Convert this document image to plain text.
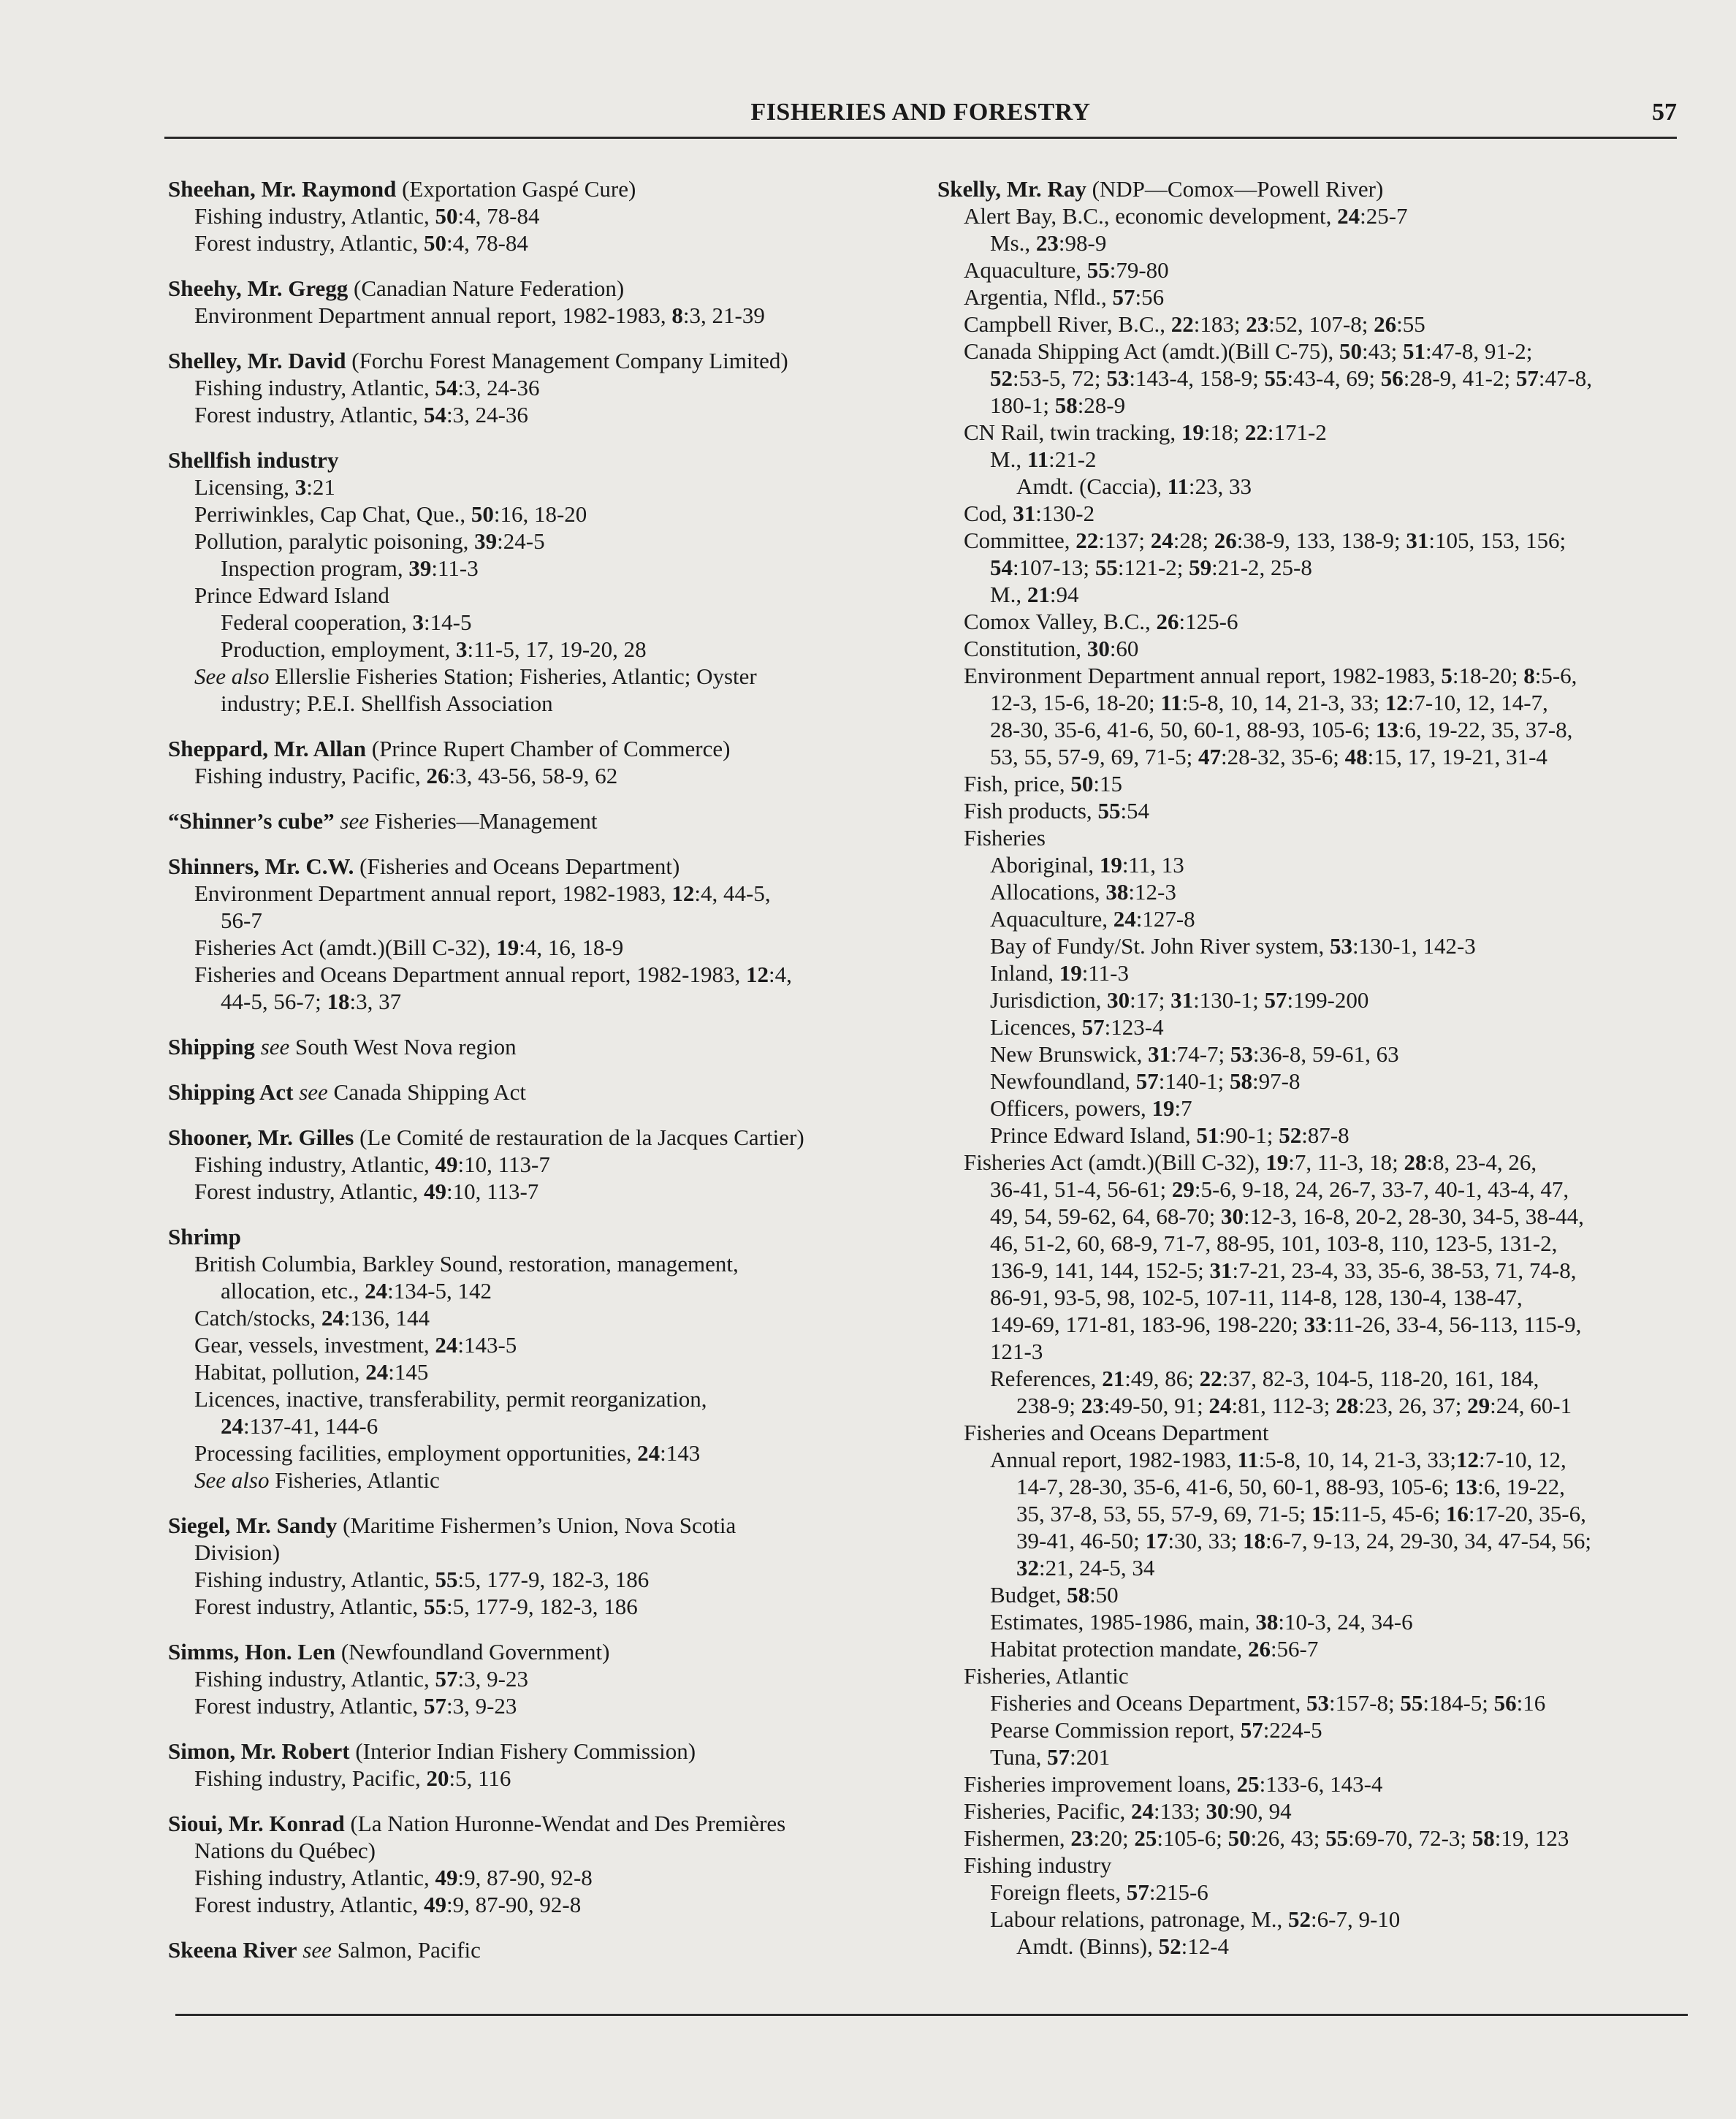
FISHERIES AND FORESTRY	57
Sheehan, Mr. Raymond (Exportation Gaspé Cure)
Fishing industry, Atlantic, 50:4, 78-84
Forest industry, Atlantic, 50:4, 78-84
Sheehy, Mr. Gregg (Canadian Nature Federation)
Environment Department annual report, 1982-1983, 8:3, 21-39
Shelley, Mr. David (Forchu Forest Management Company Limited)
Fishing industry, Atlantic, 54:3, 24-36
Forest industry, Atlantic, 54:3, 24-36
Shellfish industry
Licensing, 3:21
Perriwinkles, Cap Chat, Que., 50:16, 18-20
Pollution, paralytic poisoning, 39:24-5
Inspection program, 39:11-3
Prince Edward Island
Federal cooperation, 3:14-5
Production, employment, 3:11-5, 17, 19-20, 28
See also Ellerslie Fisheries Station; Fisheries, Atlantic; Oyster
industry; P.E.I. Shellfish Association
Sheppard, Mr. Allan (Prince Rupert Chamber of Commerce)
Fishing industry, Pacific, 26:3, 43-56, 58-9, 62
“Shinner’s cube” see Fisheries—Management
Shinners, Mr. C.W. (Fisheries and Oceans Department)
Environment Department annual report, 1982-1983, 12:4, 44-5,
56-7
Fisheries Act (amdt.)(Bill C-32), 19:4, 16, 18-9
Fisheries and Oceans Department annual report, 1982-1983, 12:4,
44-5, 56-7; 18:3, 37
Shipping see South West Nova region
Shipping Act see Canada Shipping Act
Shooner, Mr. Gilles (Le Comité de restauration de la Jacques Cartier)
Fishing industry, Atlantic, 49:10, 113-7
Forest industry, Atlantic, 49:10, 113-7
Shrimp
British Columbia, Barkley Sound, restoration, management,
allocation, etc., 24:134-5, 142
Catch/stocks, 24:136, 144
Gear, vessels, investment, 24:143-5
Habitat, pollution, 24:145
Licences, inactive, transferability, permit reorganization,
24:137-41, 144-6
Processing facilities, employment opportunities, 24:143
See also Fisheries, Atlantic
Siegel, Mr. Sandy (Maritime Fishermen’s Union, Nova Scotia
Division)
Fishing industry, Atlantic, 55:5, 177-9, 182-3, 186
Forest industry, Atlantic, 55:5, 177-9, 182-3, 186
Simms, Hon. Len (Newfoundland Government)
Fishing industry, Atlantic, 57:3, 9-23
Forest industry, Atlantic, 57:3, 9-23
Simon, Mr. Robert (Interior Indian Fishery Commission)
Fishing industry, Pacific, 20:5, 116
Sioui, Mr. Konrad (La Nation Huronne-Wendat and Des Premières
Nations du Québec)
Fishing industry, Atlantic, 49:9, 87-90, 92-8
Forest industry, Atlantic, 49:9, 87-90, 92-8
Skeena River see Salmon, Pacific
Skelly, Mr. Ray (NDP—Comox—Powell River)
Alert Bay, B.C., economic development, 24:25-7
Ms., 23:98-9
Aquaculture, 55:79-80
Argentia, Nfld., 57:56
Campbell River, B.C., 22:183; 23:52, 107-8; 26:55
Canada Shipping Act (amdt.)(Bill C-75), 50:43; 51:47-8, 91-2;
52:53-5, 72; 53:143-4, 158-9; 55:43-4, 69; 56:28-9, 41-2; 57:47-8,
180-1; 58:28-9
CN Rail, twin tracking, 19:18; 22:171-2
M., 11:21-2
Amdt. (Caccia), 11:23, 33
Cod, 31:130-2
Committee, 22:137; 24:28; 26:38-9, 133, 138-9; 31:105, 153, 156;
54:107-13; 55:121-2; 59:21-2, 25-8
M., 21:94
Comox Valley, B.C., 26:125-6
Constitution, 30:60
Environment Department annual report, 1982-1983, 5:18-20; 8:5-6,
12-3, 15-6, 18-20; 11:5-8, 10, 14, 21-3, 33; 12:7-10, 12, 14-7,
28-30, 35-6, 41-6, 50, 60-1, 88-93, 105-6; 13:6, 19-22, 35, 37-8,
53, 55, 57-9, 69, 71-5; 47:28-32, 35-6; 48:15, 17, 19-21, 31-4
Fish, price, 50:15
Fish products, 55:54
Fisheries
Aboriginal, 19:11, 13
Allocations, 38:12-3
Aquaculture, 24:127-8
Bay of Fundy/St. John River system, 53:130-1, 142-3
Inland, 19:11-3
Jurisdiction, 30:17; 31:130-1; 57:199-200
Licences, 57:123-4
New Brunswick, 31:74-7; 53:36-8, 59-61, 63
Newfoundland, 57:140-1; 58:97-8
Officers, powers, 19:7
Prince Edward Island, 51:90-1; 52:87-8
Fisheries Act (amdt.)(Bill C-32), 19:7, 11-3, 18; 28:8, 23-4, 26,
36-41, 51-4, 56-61; 29:5-6, 9-18, 24, 26-7, 33-7, 40-1, 43-4, 47,
49, 54, 59-62, 64, 68-70; 30:12-3, 16-8, 20-2, 28-30, 34-5, 38-44,
46, 51-2, 60, 68-9, 71-7, 88-95, 101, 103-8, 110, 123-5, 131-2,
136-9, 141, 144, 152-5; 31:7-21, 23-4, 33, 35-6, 38-53, 71, 74-8,
86-91, 93-5, 98, 102-5, 107-11, 114-8, 128, 130-4, 138-47,
149-69, 171-81, 183-96, 198-220; 33:11-26, 33-4, 56-113, 115-9,
121-3
References, 21:49, 86; 22:37, 82-3, 104-5, 118-20, 161, 184,
238-9; 23:49-50, 91; 24:81, 112-3; 28:23, 26, 37; 29:24, 60-1
Fisheries and Oceans Department
Annual report, 1982-1983, 11:5-8, 10, 14, 21-3, 33;12:7-10, 12,
14-7, 28-30, 35-6, 41-6, 50, 60-1, 88-93, 105-6; 13:6, 19-22,
35, 37-8, 53, 55, 57-9, 69, 71-5; 15:11-5, 45-6; 16:17-20, 35-6,
39-41, 46-50; 17:30, 33; 18:6-7, 9-13, 24, 29-30, 34, 47-54, 56;
32:21, 24-5, 34
Budget, 58:50
Estimates, 1985-1986, main, 38:10-3, 24, 34-6
Habitat protection mandate, 26:56-7
Fisheries, Atlantic
Fisheries and Oceans Department, 53:157-8; 55:184-5; 56:16
Pearse Commission report, 57:224-5
Tuna, 57:201
Fisheries improvement loans, 25:133-6, 143-4
Fisheries, Pacific, 24:133; 30:90, 94
Fishermen, 23:20; 25:105-6; 50:26, 43; 55:69-70, 72-3; 58:19, 123
Fishing industry
Foreign fleets, 57:215-6
Labour relations, patronage, M., 52:6-7, 9-10
Amdt. (Binns), 52:12-4
